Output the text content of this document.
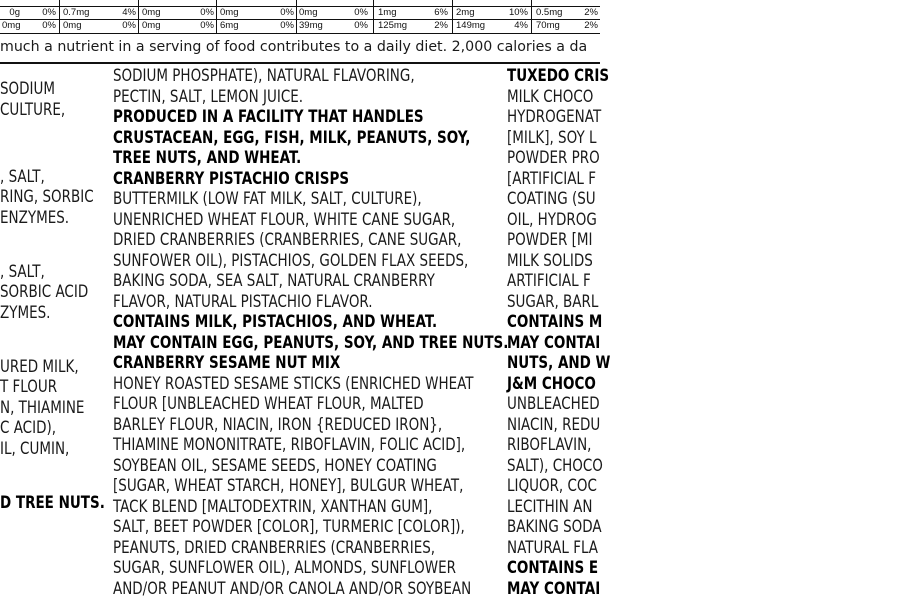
0g	0% 0.7mg	4% 0mg	0% 0mg	0% 0mg	0% 1mg	6% 2mg	10% 0.5mg	2%
0mg	0% 0mg	0% 0mg	0% 6mg	0% 39mg	0% 125mg	2% 149mg	4% 70mg	2%
much a nutrient in a serving of food contributes to a daily diet. 2,000 calories a da
SODIUM
CULTURE,
, SALT,
RING, SORBIC
ENZYMES.
, SALT,
SORBIC ACID
ZYMES.
URED MILK,
T FLOUR
N, THIAMINE
C ACID),
IL, CUMIN,
D TREE NUTS.
SODIUM PHOSPHATE), NATURAL FLAVORING,
PECTIN, SALT, LEMON JUICE.
PRODUCED IN A FACILITY THAT HANDLES
CRUSTACEAN, EGG, FISH, MILK, PEANUTS, SOY,
TREE NUTS, AND WHEAT.
CRANBERRY PISTACHIO CRISPS
BUTTERMILK (LOW FAT MILK, SALT, CULTURE),
UNENRICHED WHEAT FLOUR, WHITE CANE SUGAR,
DRIED CRANBERRIES (CRANBERRIES, CANE SUGAR,
SUNFOWER OIL), PISTACHIOS, GOLDEN FLAX SEEDS,
BAKING SODA, SEA SALT, NATURAL CRANBERRY
FLAVOR, NATURAL PISTACHIO FLAVOR.
CONTAINS MILK, PISTACHIOS, AND WHEAT.
MAY CONTAIN EGG, PEANUTS, SOY, AND TREE NUTS.
CRANBERRY SESAME NUT MIX
HONEY ROASTED SESAME STICKS (ENRICHED WHEAT
FLOUR [UNBLEACHED WHEAT FLOUR, MALTED
BARLEY FLOUR, NIACIN, IRON {REDUCED IRON},
THIAMINE MONONITRATE, RIBOFLAVIN, FOLIC ACID],
SOYBEAN OIL, SESAME SEEDS, HONEY COATING
[SUGAR, WHEAT STARCH, HONEY], BULGUR WHEAT,
TACK BLEND [MALTODEXTRIN, XANTHAN GUM],
SALT, BEET POWDER [COLOR], TURMERIC [COLOR]),
PEANUTS, DRIED CRANBERRIES (CRANBERRIES,
SUGAR, SUNFLOWER OIL), ALMONDS, SUNFLOWER
AND/OR PEANUT AND/OR CANOLA AND/OR SOYBEAN
TUXEDO CRIS
MILK CHOCO
HYDROGENAT
[MILK], SOY L
POWDER PRO
[ARTIFICIAL F
COATING (SU
OIL, HYDROG
POWDER [MI
MILK SOLIDS
ARTIFICIAL F
SUGAR, BARL
CONTAINS M
MAY CONTAI
NUTS, AND W
J&M CHOCO
UNBLEACHED
NIACIN, REDU
RIBOFLAVIN,
SALT), CHOCO
LIQUOR, COC
LECITHIN AN
BAKING SODA
NATURAL FLA
CONTAINS E
MAY CONTAI
